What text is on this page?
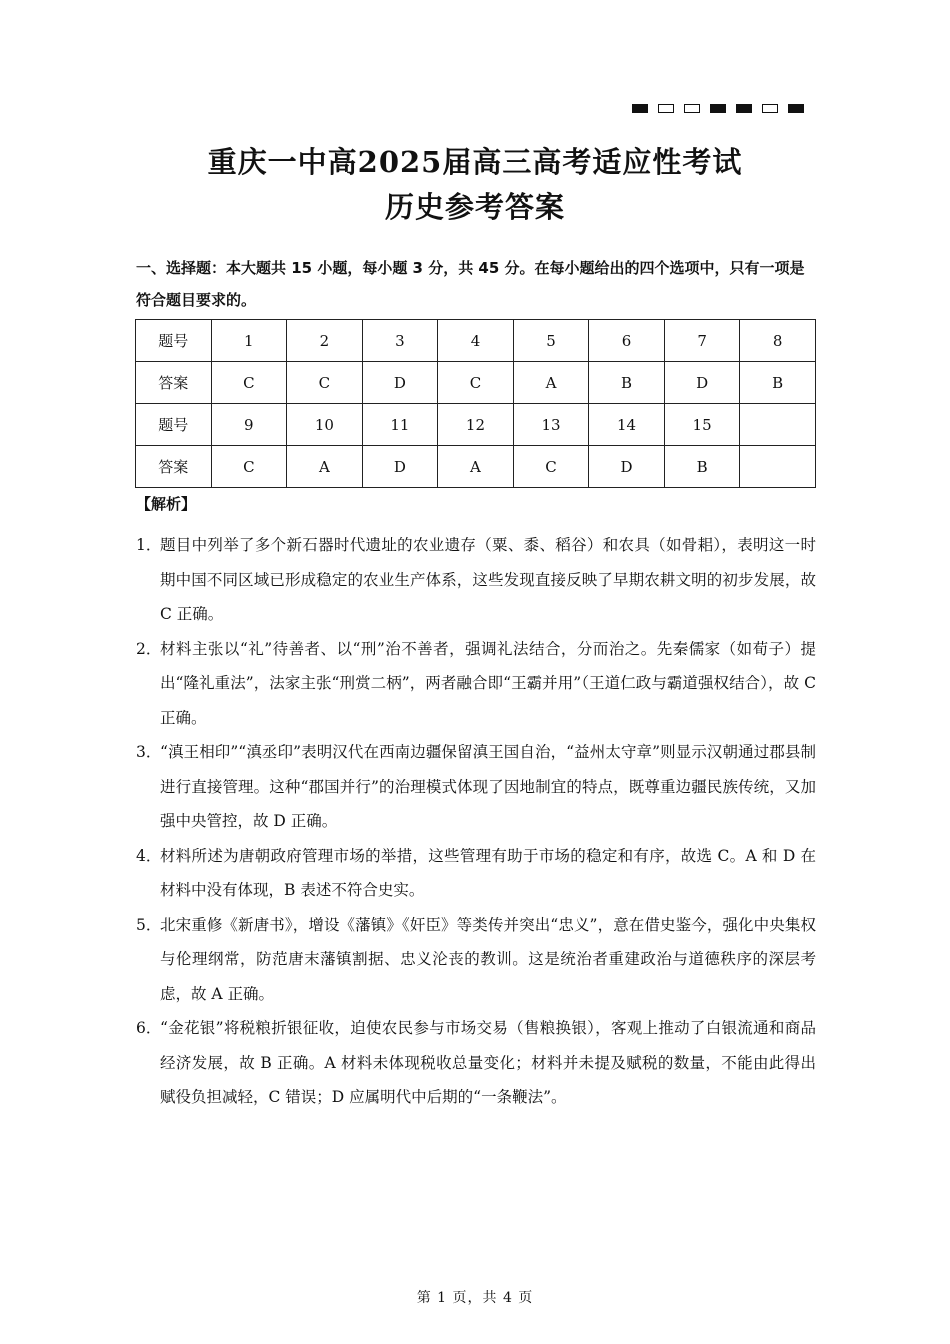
重庆一中高2025届高三高考适应性考试
历史参考答案
一、选择题：本大题共 15 小题，每小题 3 分，共 45 分。在每小题给出的四个选项中，只有一项是符合题目要求的。
题号	1	2	3	4	5	6	7	8
答案	C	C	D	C	A	B	D	B
题号	9	10	11	12	13	14	15	
答案	C	A	D	A	C	D	B	
【解析】

1．
题目中列举了多个新石器时代遗址的农业遗存（粟、黍、稻谷）和农具（如骨耜），表明这一时期中国不同区域已形成稳定的农业生产体系，这些发现直接反映了早期农耕文明的初步发展，故 C 正确。

2．
材料主张以“礼”待善者、以“刑”治不善者，强调礼法结合，分而治之。先秦儒家（如荀子）提出“隆礼重法”，法家主张“刑赏二柄”，两者融合即“王霸并用”（王道仁政与霸道强权结合），故 C 正确。

3．
“滇王相印”“滇丞印”表明汉代在西南边疆保留滇王国自治，“益州太守章”则显示汉朝通过郡县制进行直接管理。这种“郡国并行”的治理模式体现了因地制宜的特点，既尊重边疆民族传统，又加强中央管控，故 D 正确。

4．
材料所述为唐朝政府管理市场的举措，这些管理有助于市场的稳定和有序，故选 C。A 和 D 在材料中没有体现，B 表述不符合史实。

5．
北宋重修《新唐书》，增设《藩镇》《奸臣》等类传并突出“忠义”，意在借史鉴今，强化中央集权与伦理纲常，防范唐末藩镇割据、忠义沦丧的教训。这是统治者重建政治与道德秩序的深层考虑，故 A 正确。

6．
“金花银”将税粮折银征收，迫使农民参与市场交易（售粮换银），客观上推动了白银流通和商品经济发展，故 B 正确。A 材料未体现税收总量变化；材料并未提及赋税的数量，不能由此得出赋役负担减轻，C 错误；D 应属明代中后期的“一条鞭法”。

第 1 页，共 4 页
